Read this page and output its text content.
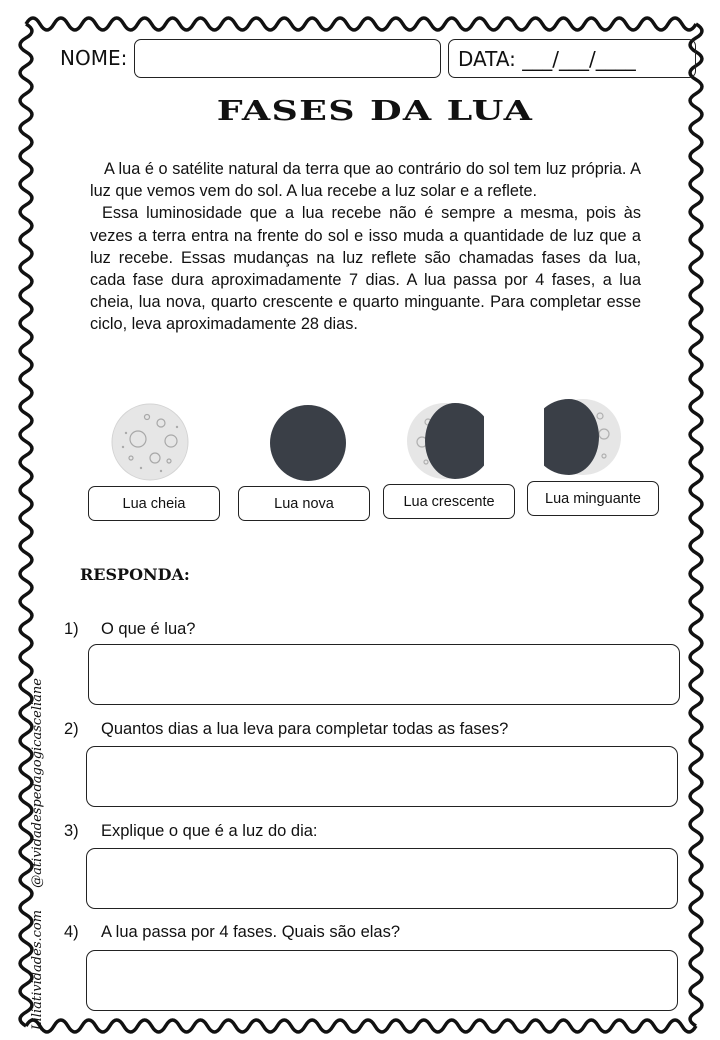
NOME:	DATA: ___/___/____
FASES DA LUA

A lua é o satélite natural da terra que ao contrário do sol tem luz própria. A luz que vemos vem do sol. A lua recebe a luz solar e a reflete.

Essa luminosidade que a lua recebe não é sempre a mesma, pois às vezes a terra entra na frente do sol e isso muda a quantidade de luz que a luz recebe. Essas mudanças na luz reflete são chamadas fases da lua, cada fase dura aproximadamente 7 dias. A lua passa por 4 fases, a lua cheia, lua nova, quarto crescente e quarto minguante. Para completar esse ciclo, leva aproximadamente 28 dias.

Lua cheia	Lua nova	Lua crescente	Lua minguante
RESPONDA:
1) O que é lua?
2) Quantos dias a lua leva para completar todas as fases?
3) Explique o que é a luz do dia:
4) A lua passa por 4 fases. Quais são elas?
Liliatividades.com@atividadespedagogicasceliane
